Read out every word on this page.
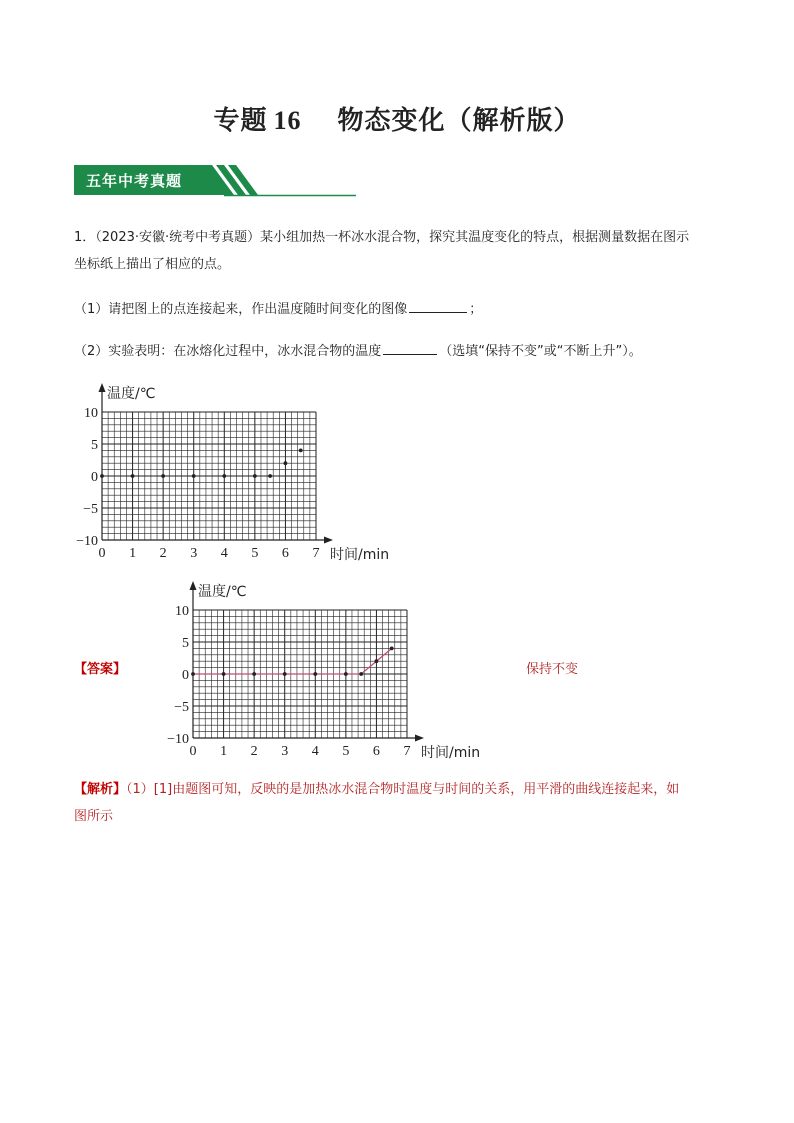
专题 16 物态变化（解析版）
五年中考真题
1．（2023·安徽·统考中考真题）某小组加热一杯冰水混合物，探究其温度变化的特点，根据测量数据在图示
坐标纸上描出了相应的点。
（1）请把图上的点连接起来，作出温度随时间变化的图像	；
（2）实验表明：在冰熔化过程中，冰水混合物的温度	（选填“保持不变”或“不断上升”）。
温度/℃
时间/min
0 1 2 3 4 5 6 7
10
5
0
−5
−10
【答案】
温度/℃
时间/min
0 1 2 3 4 5 6 7
10
5
0
−5
−10
保持不变
【解析】（1）[1]由题图可知，反映的是加热冰水混合物时温度与时间的关系，用平滑的曲线连接起来，如
图所示
